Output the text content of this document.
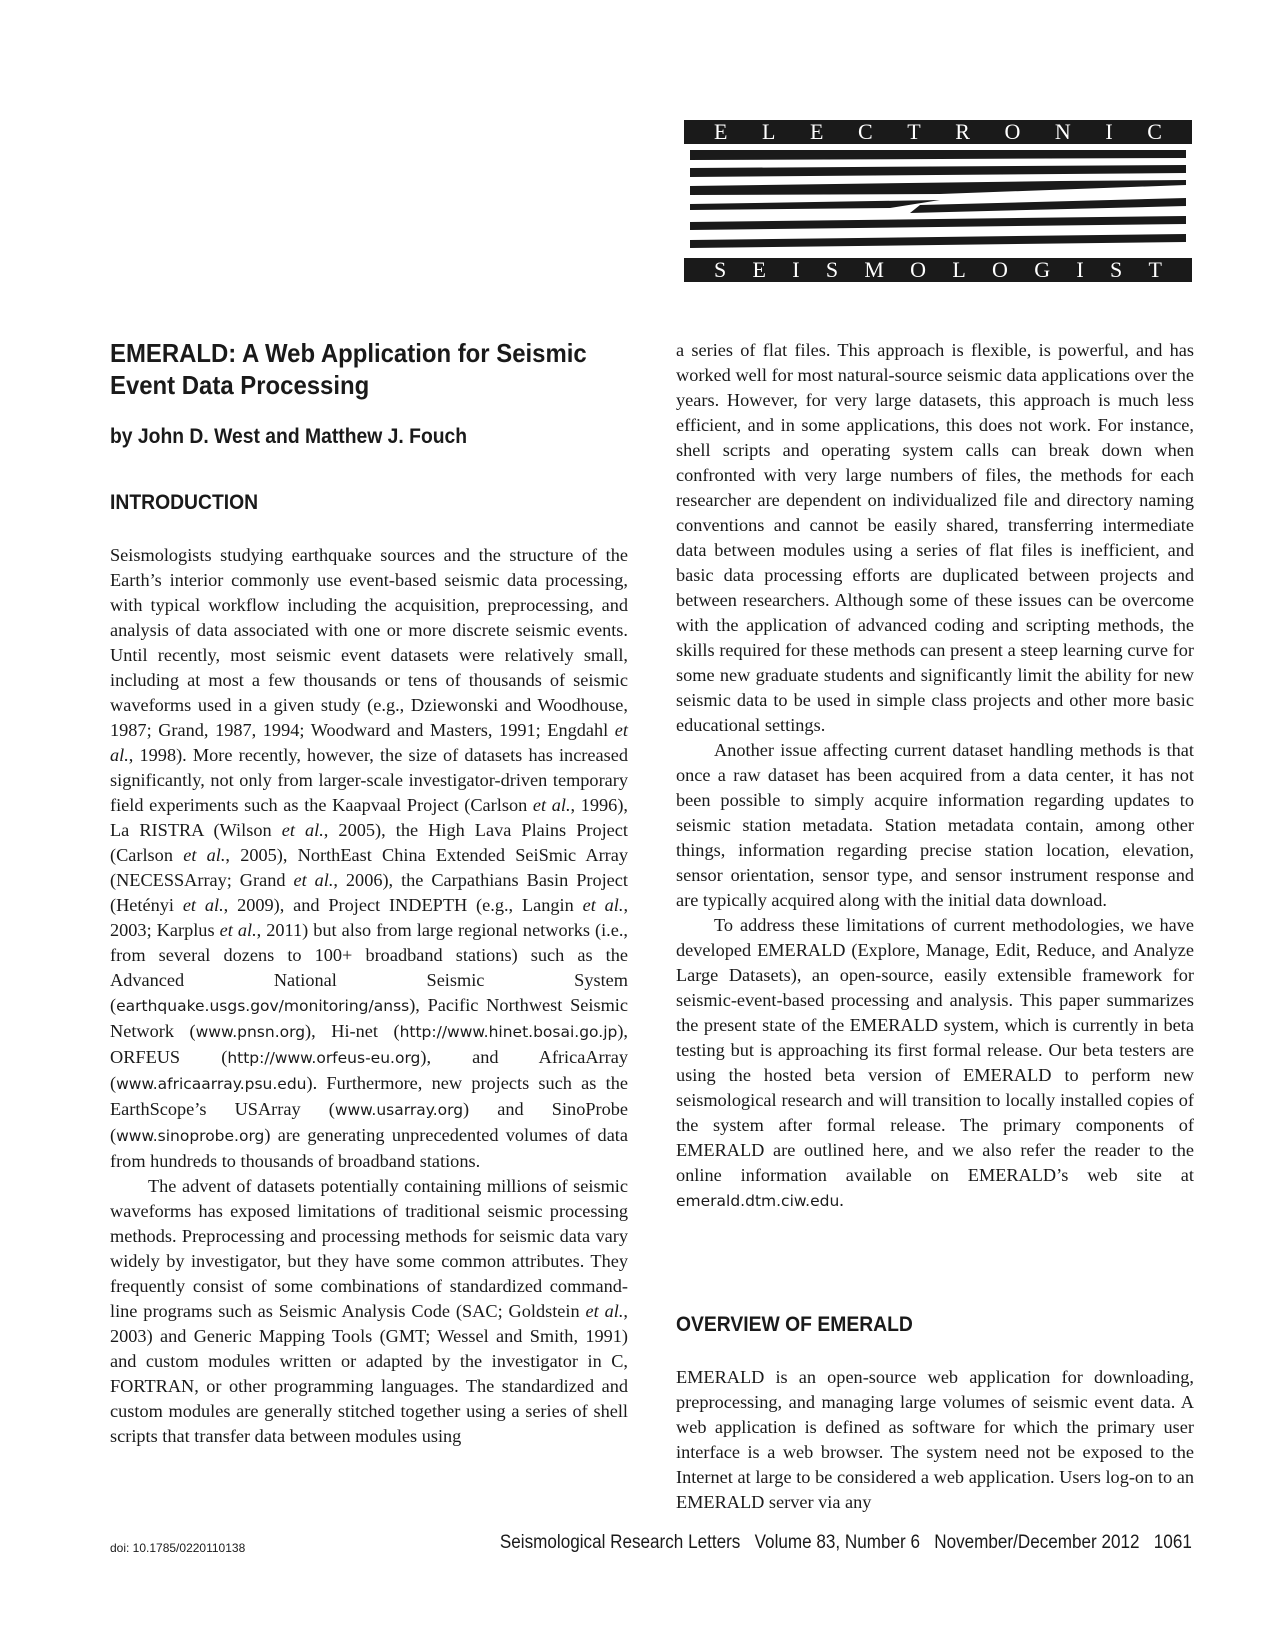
E L E C T R O N I C
S E I S M O L O G I S T
EMERALD: A Web Application for Seismic Event Data Processing
by John D. West and Matthew J. Fouch
INTRODUCTION

Seismologists studying earthquake sources and the structure of the Earth’s interior commonly use event-based seismic data processing, with typical workflow including the acquisition, preprocessing, and analysis of data associated with one or more discrete seismic events. Until recently, most seismic event datasets were relatively small, including at most a few thousands or tens of thousands of seismic waveforms used in a given study (e.g., Dziewonski and Woodhouse, 1987; Grand, 1987, 1994; Woodward and Masters, 1991; Engdahl et al., 1998). More recently, however, the size of datasets has increased significantly, not only from larger-scale investigator-driven temporary field experiments such as the Kaapvaal Project (Carlson et al., 1996), La RISTRA (Wilson et al., 2005), the High Lava Plains Project (Carlson et al., 2005), NorthEast China Extended SeiSmic Array (NECESSArray; Grand et al., 2006), the Carpathians Basin Project (Hetényi et al., 2009), and Project INDEPTH (e.g., Langin et al., 2003; Karplus et al., 2011) but also from large regional networks (i.e., from several dozens to 100+ broadband stations) such as the Advanced National Seismic System (earthquake.usgs.gov/monitoring/anss), Pacific Northwest Seismic Network (www.pnsn.org), Hi-net (http://www.hinet.bosai.go.jp), ORFEUS (http://www.orfeus-eu.org), and AfricaArray (www.africaarray.psu.edu). Furthermore, new projects such as the EarthScope’s USArray (www.usarray.org) and SinoProbe (www.sinoprobe.org) are generating unprecedented volumes of data from hundreds to thousands of broadband stations.

The advent of datasets potentially containing millions of seismic waveforms has exposed limitations of traditional seismic processing methods. Preprocessing and processing methods for seismic data vary widely by investigator, but they have some common attributes. They frequently consist of some combinations of standardized command-line programs such as Seismic Analysis Code (SAC; Goldstein et al., 2003) and Generic Mapping Tools (GMT; Wessel and Smith, 1991) and custom modules written or adapted by the investigator in C, FORTRAN, or other programming languages. The standardized and custom modules are generally stitched together using a series of shell scripts that transfer data between modules using

a series of flat files. This approach is flexible, is powerful, and has worked well for most natural-source seismic data applications over the years. However, for very large datasets, this approach is much less efficient, and in some applications, this does not work. For instance, shell scripts and operating system calls can break down when confronted with very large numbers of files, the methods for each researcher are dependent on individualized file and directory naming conventions and cannot be easily shared, transferring intermediate data between modules using a series of flat files is inefficient, and basic data processing efforts are duplicated between projects and between researchers. Although some of these issues can be overcome with the application of advanced coding and scripting methods, the skills required for these methods can present a steep learning curve for some new graduate students and significantly limit the ability for new seismic data to be used in simple class projects and other more basic educational settings.

Another issue affecting current dataset handling methods is that once a raw dataset has been acquired from a data center, it has not been possible to simply acquire information regarding updates to seismic station metadata. Station metadata contain, among other things, information regarding precise station location, elevation, sensor orientation, sensor type, and sensor instrument response and are typically acquired along with the initial data download.

To address these limitations of current methodologies, we have developed EMERALD (Explore, Manage, Edit, Reduce, and Analyze Large Datasets), an open-source, easily extensible framework for seismic-event-based processing and analysis. This paper summarizes the present state of the EMERALD system, which is currently in beta testing but is approaching its first formal release. Our beta testers are using the hosted beta version of EMERALD to perform new seismological research and will transition to locally installed copies of the system after formal release. The primary components of EMERALD are outlined here, and we also refer the reader to the online information available on EMERALD’s web site at emerald.dtm.ciw.edu.

OVERVIEW OF EMERALD

EMERALD is an open-source web application for downloading, preprocessing, and managing large volumes of seismic event data. A web application is defined as software for which the primary user interface is a web browser. The system need not be exposed to the Internet at large to be considered a web application. Users log-on to an EMERALD server via any

doi: 10.1785/0220110138	Seismological Research Letters   Volume 83, Number 6   November/December 2012   1061
